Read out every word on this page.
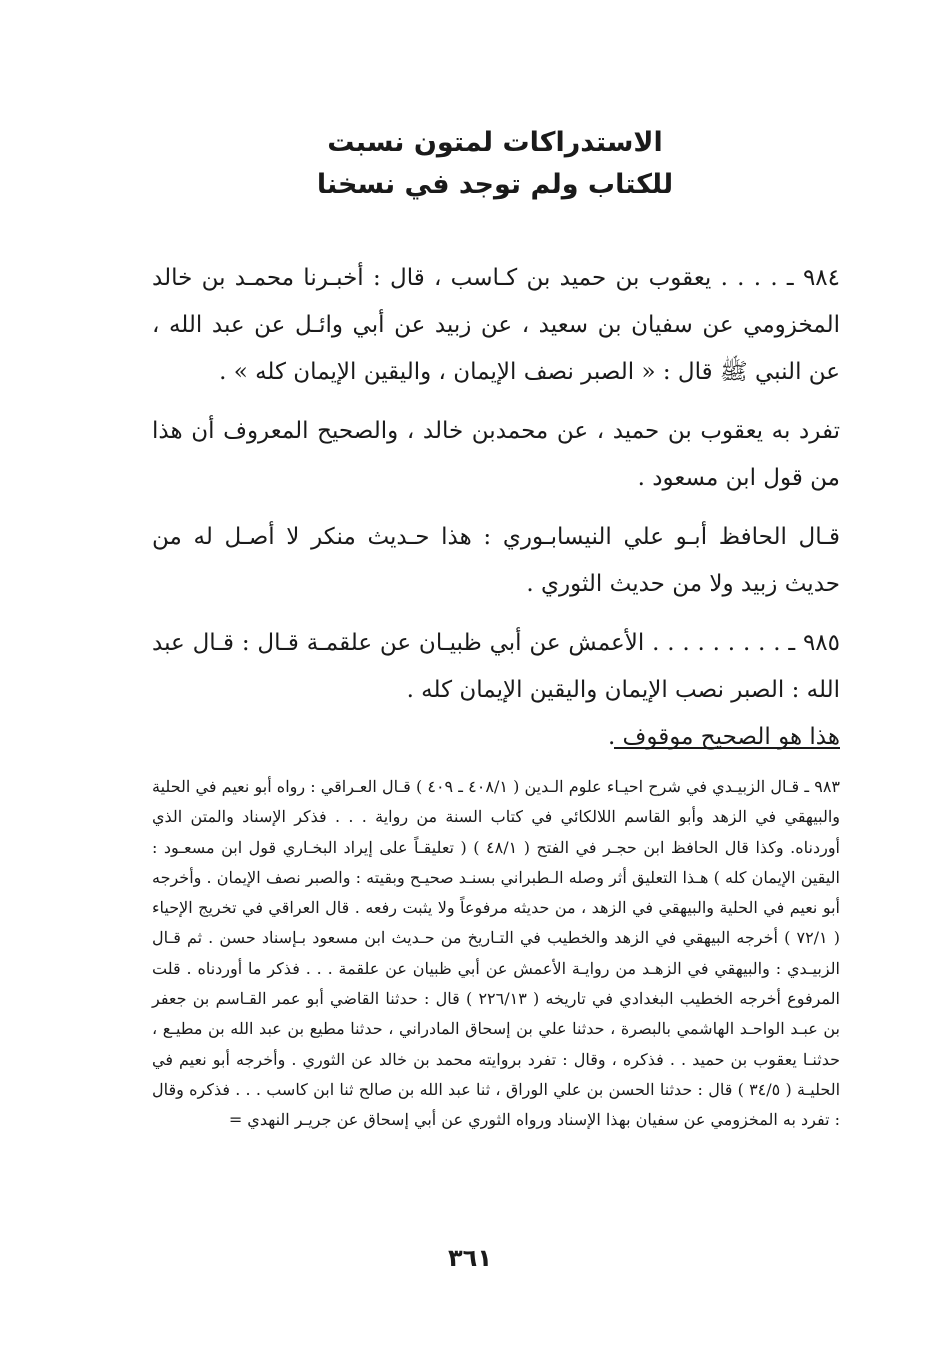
الاستدراكات لمتون نسبت

للكتاب ولم توجد في نسخنا

٩٨٤ ـ . . . . يعقوب بن حميد بن كـاسب ، قال : أخبـرنا محمـد بن خالد المخزومي عن سفيان بن سعيد ، عن زبيد عن أبي وائـل عن عبد الله ، عن النبي ﷺ قال : « الصبر نصف الإيمان ، واليقين الإيمان كله » .

تفرد به يعقوب بن حميد ، عن محمدبن خالد ، والصحيح المعروف أن هذا من قول ابن مسعود .

قـال الحافظ أبـو علي النيسابـوري : هذا حـديث منكر لا أصـل له من حديث زبيد ولا من حديث الثوري .

٩٨٥ ـ . . . . . . . . . الأعمش عن أبي ظبيـان عن علقمـة قـال : قـال عبد الله : الصبر نصب الإيمان واليقين الإيمان كله .

هذا هو الصحيح موقوف .

٩٨٣ ـ قـال الزبيـدي في شرح احيـاء علوم الـدين ( ٤٠٨/١ ـ ٤٠٩ ) قـال العـراقي : رواه أبو نعيم في الحلية والبيهقي في الزهد وأبو القاسم اللالكائي في كتاب السنة من رواية . . . فذكر الإسناد والمتن الذي أوردناه. وكذا قال الحافظ ابن حجـر في الفتح ( ٤٨/١ ) ( تعليقـاً على إيراد البخـاري قول ابن مسعـود : اليقين الإيمان كله ) هـذا التعليق أثر وصله الـطبراني بسنـد صحيـح وبقيته : والصبر نصف الإيمان . وأخرجه أبو نعيم في الحلية والبيهقي في الزهد ، من حديثه مرفوعاً ولا يثبت رفعه . قال العراقي في تخريج الإحياء ( ٧٢/١ ) أخرجه البيهقي في الزهد والخطيب في التـاريخ من حـديث ابن مسعود بـإسناد حسن . ثم قـال الزبيـدي : والبيهقي في الزهـد من روايـة الأعمش عن أبي ظبيان عن علقمة . . . فذكر ما أوردناه . قلت المرفوع أخرجه الخطيب البغدادي في تاريخه ( ٢٢٦/١٣ ) قال : حدثنا القاضي أبو عمر القـاسم بن جعفر بن عبـد الواحـد الهاشمي بالبصرة ، حدثنا علي بن إسحاق المادراني ، حدثنا مطيع بن عبد الله بن مطيـع ، حدثنـا يعقوب بن حميد . . فذكره ، وقال : تفرد بروايته محمد بن خالد عن الثوري . وأخرجه أبو نعيم في الحليـة ( ٣٤/٥ ) قال : حدثنا الحسن بن علي الوراق ، ثنا عبد الله بن صالح ثنا ابن كاسب . . . فذكره وقال : تفرد به المخزومي عن سفيان بهذا الإسناد ورواه الثوري عن أبي إسحاق عن جريـر النهدي =

٣٦١
